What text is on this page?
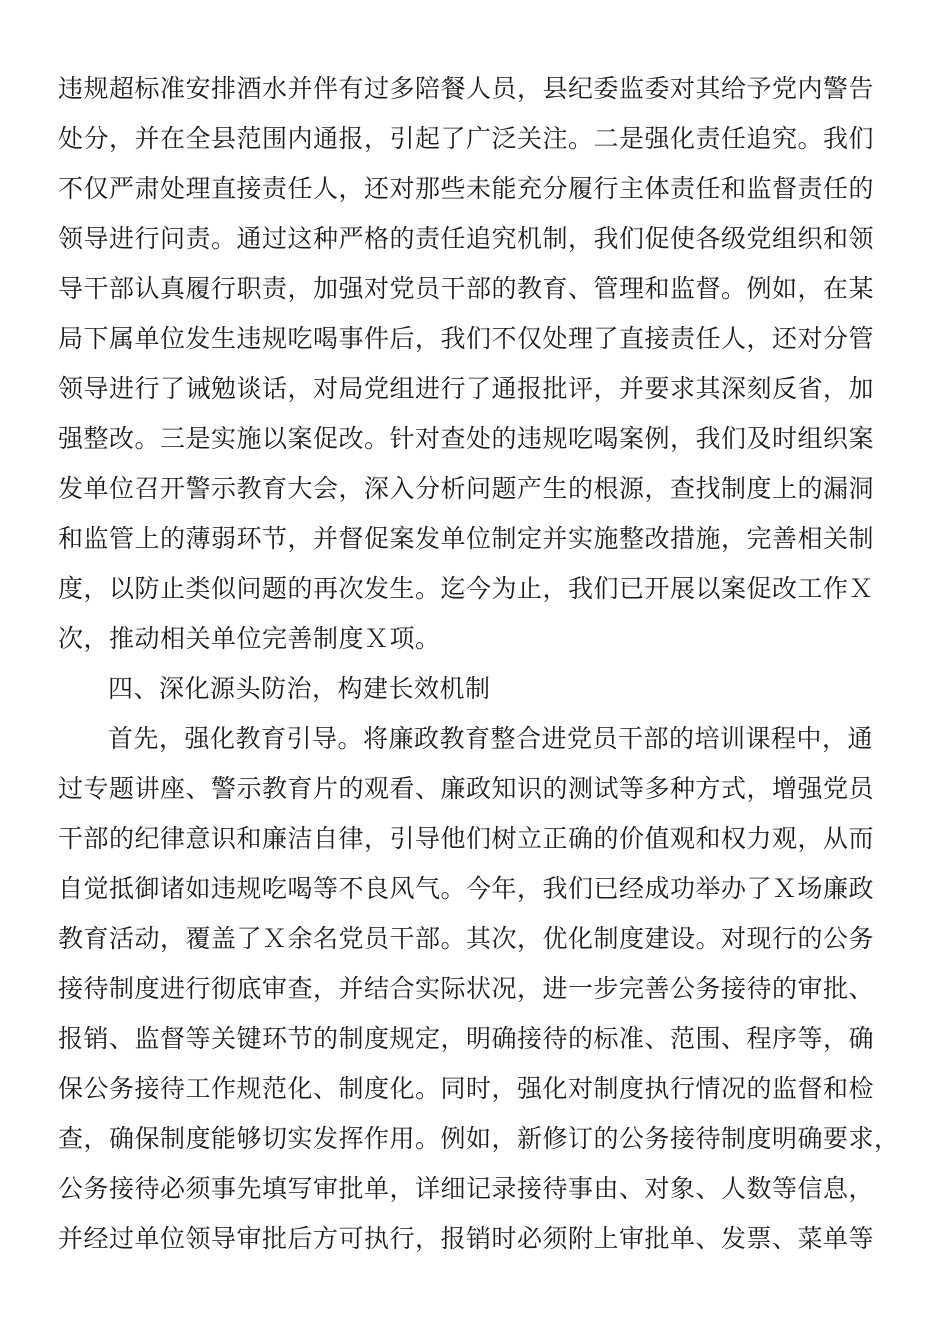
违规超标准安排酒水并伴有过多陪餐人员，县纪委监委对其给予党内警告
处分，并在全县范围内通报，引起了广泛关注。二是强化责任追究。我们
不仅严肃处理直接责任人，还对那些未能充分履行主体责任和监督责任的
领导进行问责。通过这种严格的责任追究机制，我们促使各级党组织和领
导干部认真履行职责，加强对党员干部的教育、管理和监督。例如，在某
局下属单位发生违规吃喝事件后，我们不仅处理了直接责任人，还对分管
领导进行了诫勉谈话，对局党组进行了通报批评，并要求其深刻反省，加
强整改。三是实施以案促改。针对查处的违规吃喝案例，我们及时组织案
发单位召开警示教育大会，深入分析问题产生的根源，查找制度上的漏洞
和监管上的薄弱环节，并督促案发单位制定并实施整改措施，完善相关制
度，以防止类似问题的再次发生。迄今为止，我们已开展以案促改工作Ｘ
次，推动相关单位完善制度Ｘ项。
四、深化源头防治，构建长效机制
首先，强化教育引导。将廉政教育整合进党员干部的培训课程中，通
过专题讲座、警示教育片的观看、廉政知识的测试等多种方式，增强党员
干部的纪律意识和廉洁自律，引导他们树立正确的价值观和权力观，从而
自觉抵御诸如违规吃喝等不良风气。今年，我们已经成功举办了Ｘ场廉政
教育活动，覆盖了Ｘ余名党员干部。其次，优化制度建设。对现行的公务
接待制度进行彻底审查，并结合实际状况，进一步完善公务接待的审批、
报销、监督等关键环节的制度规定，明确接待的标准、范围、程序等，确
保公务接待工作规范化、制度化。同时，强化对制度执行情况的监督和检
查，确保制度能够切实发挥作用。例如，新修订的公务接待制度明确要求，
公务接待必须事先填写审批单，详细记录接待事由、对象、人数等信息，
并经过单位领导审批后方可执行，报销时必须附上审批单、发票、菜单等
